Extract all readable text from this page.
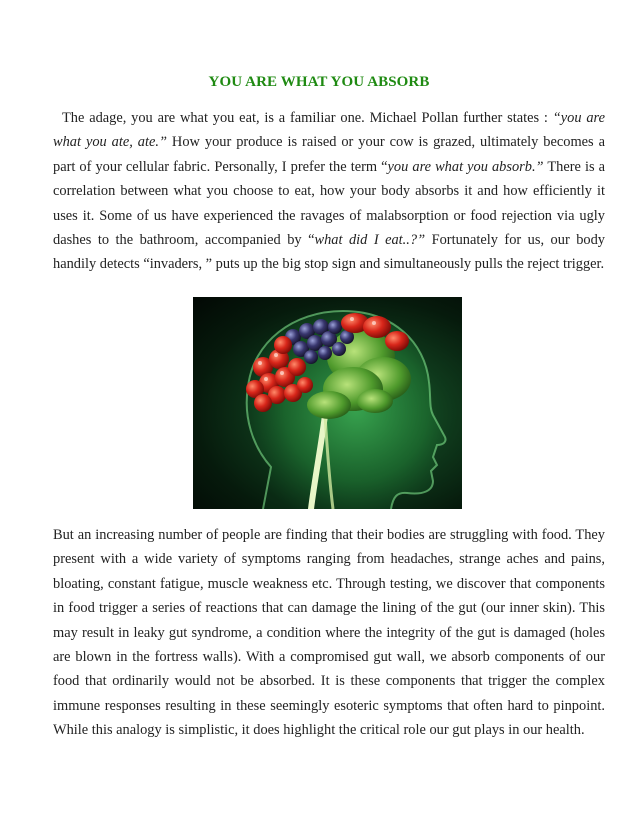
YOU ARE WHAT YOU ABSORB

The adage, you are what you eat, is a familiar one. Michael Pollan further states : “you are what you ate, ate.” How your produce is raised or your cow is grazed, ultimately becomes a part of your cellular fabric. Personally, I prefer the term “you are what you absorb.” There is a correlation between what you choose to eat, how your body absorbs it and how efficiently it uses it. Some of us have experienced the ravages of malabsorption or food rejection via ugly dashes to the bathroom, accompanied by “what did I eat..?” Fortunately for us, our body handily detects “invaders, ” puts up the big stop sign and simultaneously pulls the reject trigger.

But an increasing number of people are finding that their bodies are struggling with food. They present with a wide variety of symptoms ranging from headaches, strange aches and pains, bloating, constant fatigue, muscle weakness etc. Through testing, we discover that components in food trigger a series of reactions that can damage the lining of the gut (our inner skin). This may result in leaky gut syndrome, a condition where the integrity of the gut is damaged (holes are blown in the fortress walls). With a compromised gut wall, we absorb components of our food that ordinarily would not be absorbed. It is these components that trigger the complex immune responses resulting in these seemingly esoteric symptoms that often hard to pinpoint. While this analogy is simplistic, it does highlight the critical role our gut plays in our health.
